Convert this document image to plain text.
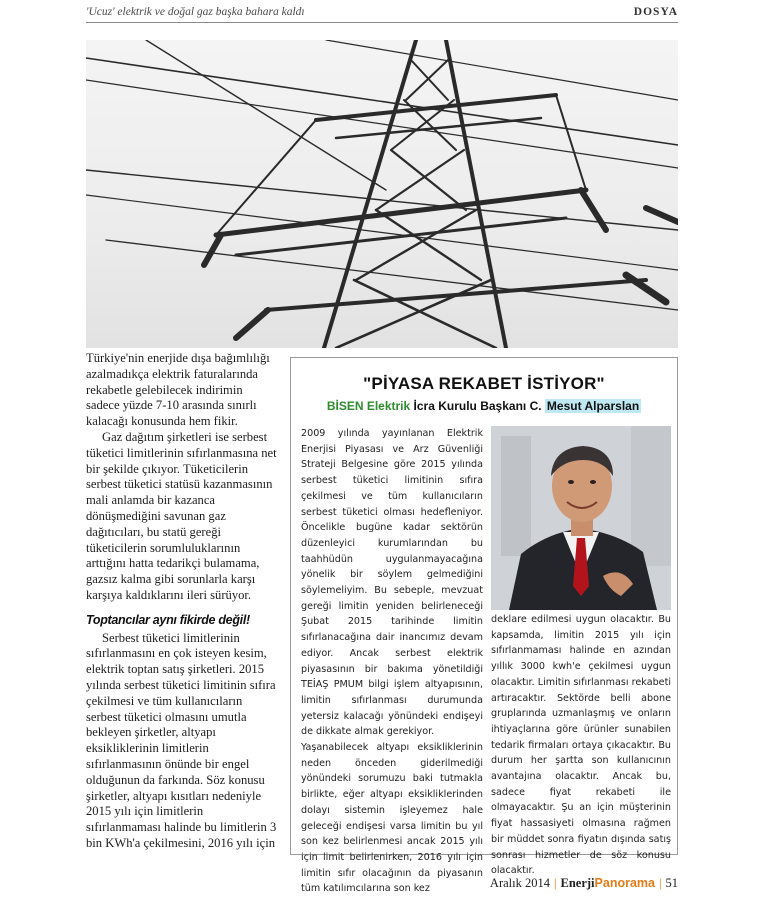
'Ucuz' elektrik ve doğal gaz başka bahara kaldı	DOSYA

Türkiye'nin enerjide dışa bağımlılığı azalmadıkça elektrik faturalarında rekabetle gelebilecek indirimin sadece yüzde 7-10 arasında sınırlı kalacağı konusunda hem fikir.

Gaz dağıtım şirketleri ise serbest tüketici limitlerinin sıfırlanmasına net bir şekilde çıkıyor. Tüketicilerin serbest tüketici statüsü kazanmasının mali anlamda bir kazanca dönüşmediğini savunan gaz dağıtıcıları, bu statü gereği tüketicilerin sorumluluklarının arttığını hatta tedarikçi bulamama, gazsız kalma gibi sorunlarla karşı karşıya kaldıklarını ileri sürüyor.

Toptancılar aynı fikirde değil!

Serbest tüketici limitlerinin sıfırlanmasını en çok isteyen kesim, elektrik toptan satış şirketleri. 2015 yılında serbest tüketici limitinin sıfıra çekilmesi ve tüm kullanıcıların serbest tüketici olmasını umutla bekleyen şirketler, altyapı eksikliklerinin limitlerin sıfırlanmasının önünde bir engel olduğunun da farkında. Söz konusu şirketler, altyapı kısıtları nedeniyle 2015 yılı için limitlerin sıfırlanmaması halinde bu limitlerin 3 bin KWh'a çekilmesini, 2016 yılı için

"PİYASA REKABET İSTİYOR"
BİSEN Elektrik İcra Kurulu Başkanı C. Mesut Alparslan

2009 yılında yayınlanan Elektrik Enerjisi Piyasası ve Arz Güvenliği Strateji Belgesine göre 2015 yılında serbest tüketici limitinin sıfıra çekilmesi ve tüm kullanıcıların serbest tüketici olması hedefleniyor. Öncelikle bugüne kadar sektörün düzenleyici kurumlarından bu taahhüdün uygulanmayacağına yönelik bir söylem gelmediğini söylemeliyim. Bu sebeple, mevzuat gereği limitin yeniden belirleneceği Şubat 2015 tarihinde limitin sıfırlanacağına dair inancımız devam ediyor. Ancak serbest elektrik piyasasının bir bakıma yönetildiği TEİAŞ PMUM bilgi işlem altyapısının, limitin sıfırlanması durumunda yetersiz kalacağı yönündeki endişeyi de dikkate almak gerekiyor.

Yaşanabilecek altyapı eksikliklerinin neden önceden giderilmediği yönündeki sorumuzu baki tutmakla birlikte, eğer altyapı eksikliklerinden dolayı sistemin işleyemez hale geleceği endişesi varsa limitin bu yıl son kez belirlenmesi ancak 2015 yılı için limit belirlenirken, 2016 yılı için limitin sıfır olacağının da piyasanın tüm katılımcılarına son kez

deklare edilmesi uygun olacaktır. Bu kapsamda, limitin 2015 yılı için sıfırlanmaması halinde en azından yıllık 3000 kwh'e çekilmesi uygun olacaktır. Limitin sıfırlanması rekabeti artıracaktır. Sektörde belli abone gruplarında uzmanlaşmış ve onların ihtiyaçlarına göre ürünler sunabilen tedarik firmaları ortaya çıkacaktır. Bu durum her şartta son kullanıcının avantajına olacaktır. Ancak bu, sadece fiyat rekabeti ile olmayacaktır. Şu an için müşterinin fiyat hassasiyeti olmasına rağmen bir müddet sonra fiyatın dışında satış sonrası hizmetler de söz konusu olacaktır.

Aralık 2014 | EnerjiPanorama | 51
